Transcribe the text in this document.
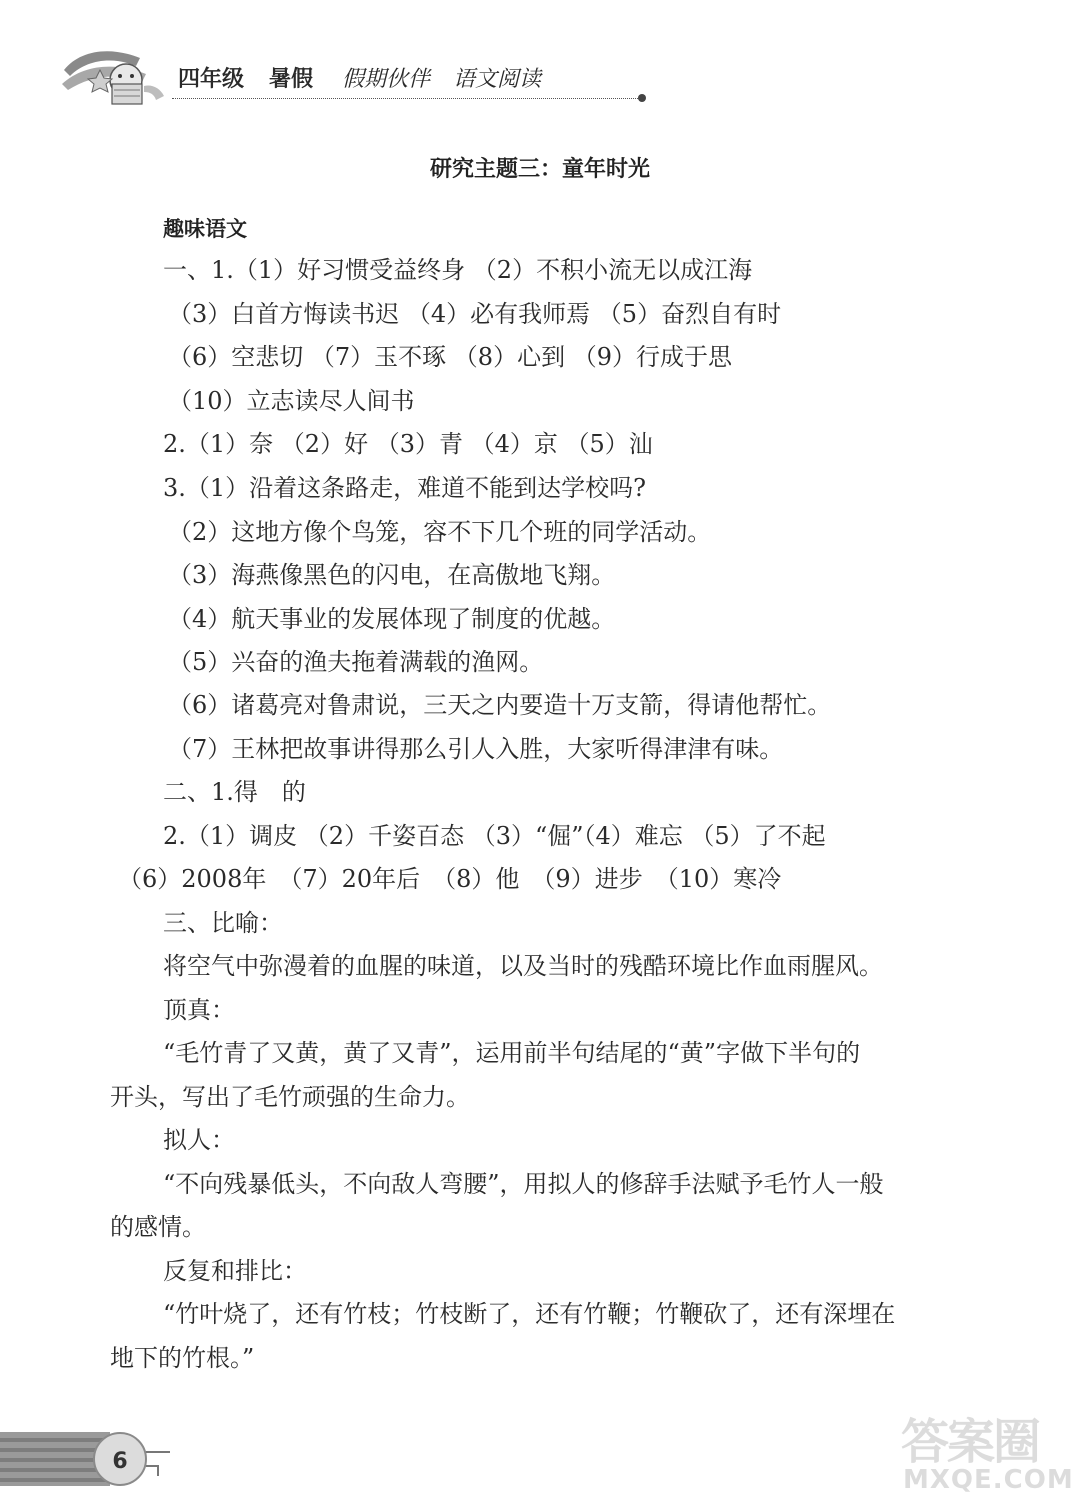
四年级 暑假 假期伙伴 语文阅读
研究主题三：童年时光
趣味语文
一、1.（1）好习惯受益终身 （2）不积小流无以成江海
（3）白首方悔读书迟 （4）必有我师焉 （5）奋烈自有时
（6）空悲切 （7）玉不琢 （8）心到 （9）行成于思
（10）立志读尽人间书
2.（1）奈 （2）好 （3）青 （4）京 （5）汕
3.（1）沿着这条路走，难道不能到达学校吗?
（2）这地方像个鸟笼，容不下几个班的同学活动。
（3）海燕像黑色的闪电，在高傲地飞翔。
（4）航天事业的发展体现了制度的优越。
（5）兴奋的渔夫拖着满载的渔网。
（6）诸葛亮对鲁肃说，三天之内要造十万支箭，得请他帮忙。
（7）王林把故事讲得那么引人入胜，大家听得津津有味。
二、1.得　的
2.（1）调皮 （2）千姿百态 （3）“倔”（4）难忘 （5）了不起
（6）2008年　（7）20年后　（8）他　（9）进步　（10）寒冷
三、比喻：
将空气中弥漫着的血腥的味道，以及当时的残酷环境比作血雨腥风。
顶真：
“毛竹青了又黄，黄了又青”，运用前半句结尾的“黄”字做下半句的
开头，写出了毛竹顽强的生命力。
拟人：
“不向残暴低头，不向敌人弯腰”，用拟人的修辞手法赋予毛竹人一般
的感情。
反复和排比：
“竹叶烧了，还有竹枝；竹枝断了，还有竹鞭；竹鞭砍了，还有深埋在
地下的竹根。”
6	答案圈
MXQE.COM
